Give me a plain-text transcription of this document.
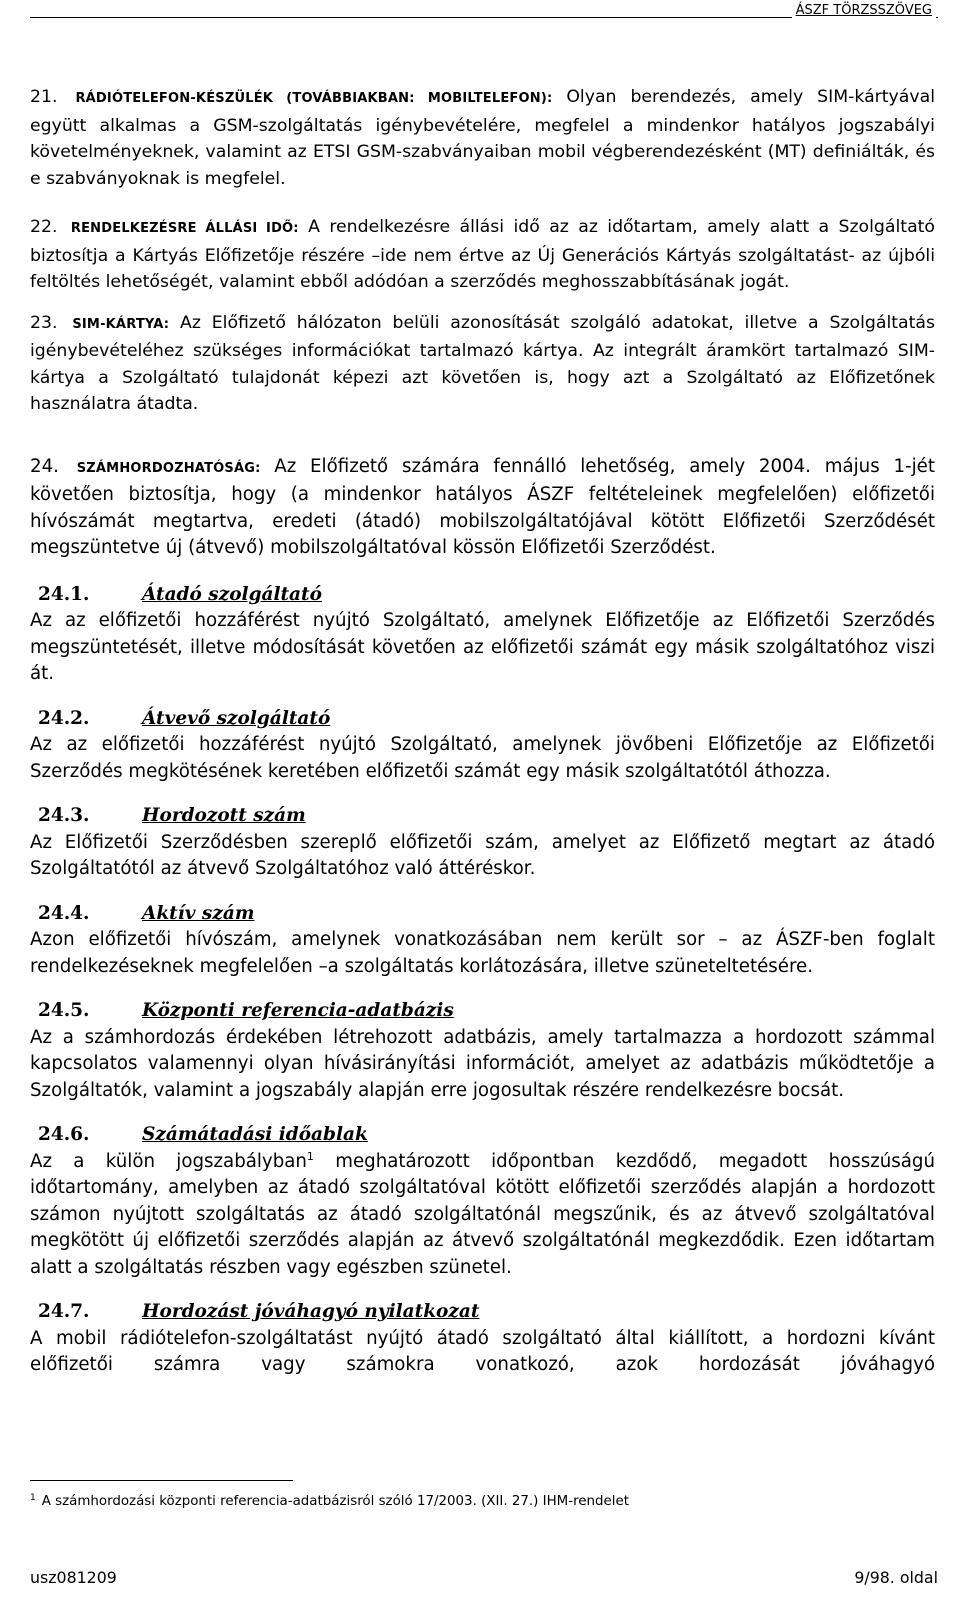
ÁSZF TÖRZSSZÖVEG

21. RÁDIÓTELEFON-KÉSZÜLÉK (TOVÁBBIAKBAN: MOBILTELEFON): Olyan berendezés, amely SIM-kártyával együtt alkalmas a GSM-szolgáltatás igénybevételére, megfelel a mindenkor hatályos jogszabályi követelményeknek, valamint az ETSI GSM-szabványaiban mobil végberendezésként (MT) definiálták, és e szabványoknak is megfelel.

22. RENDELKEZÉSRE ÁLLÁSI IDŐ: A rendelkezésre állási idő az az időtartam, amely alatt a Szolgáltató biztosítja a Kártyás Előfizetője részére –ide nem értve az Új Generációs Kártyás szolgáltatást- az újbóli feltöltés lehetőségét, valamint ebből adódóan a szerződés meghosszabbításának jogát.

23. SIM-KÁRTYA: Az Előfizető hálózaton belüli azonosítását szolgáló adatokat, illetve a Szolgáltatás igénybevételéhez szükséges információkat tartalmazó kártya. Az integrált áramkört tartalmazó SIM-kártya a Szolgáltató tulajdonát képezi azt követően is, hogy azt a Szolgáltató az Előfizetőnek használatra átadta.

24. SZÁMHORDOZHATÓSÁG: Az Előfizető számára fennálló lehetőség, amely 2004. május 1-jét követően biztosítja, hogy (a mindenkor hatályos ÁSZF feltételeinek megfelelően) előfizetői hívószámát megtartva, eredeti (átadó) mobilszolgáltatójával kötött Előfizetői Szerződését megszüntetve új (átvevő) mobilszolgáltatóval kössön Előfizetői Szerződést.

24.1.	Átadó szolgáltató

Az az előfizetői hozzáférést nyújtó Szolgáltató, amelynek Előfizetője az Előfizetői Szerződés megszüntetését, illetve módosítását követően az előfizetői számát egy másik szolgáltatóhoz viszi át.

24.2.	Átvevő szolgáltató

Az az előfizetői hozzáférést nyújtó Szolgáltató, amelynek jövőbeni Előfizetője az Előfizetői Szerződés megkötésének keretében előfizetői számát egy másik szolgáltatótól áthozza.

24.3.	Hordozott szám

Az Előfizetői Szerződésben szereplő előfizetői szám, amelyet az Előfizető megtart az átadó Szolgáltatótól az átvevő Szolgáltatóhoz való áttéréskor.

24.4.	Aktív szám

Azon előfizetői hívószám, amelynek vonatkozásában nem került sor – az ÁSZF-ben foglalt rendelkezéseknek megfelelően –a szolgáltatás korlátozására, illetve szüneteltetésére.

24.5.	Központi referencia-adatbázis

Az a számhordozás érdekében létrehozott adatbázis, amely tartalmazza a hordozott számmal kapcsolatos valamennyi olyan hívásirányítási információt, amelyet az adatbázis működtetője a Szolgáltatók, valamint a jogszabály alapján erre jogosultak részére rendelkezésre bocsát.

24.6.	Számátadási időablak

Az a külön jogszabályban$^1$ meghatározott időpontban kezdődő, megadott hosszúságú időtartomány, amelyben az átadó szolgáltatóval kötött előfizetői szerződés alapján a hordozott számon nyújtott szolgáltatás az átadó szolgáltatónál megszűnik, és az átvevő szolgáltatóval megkötött új előfizetői szerződés alapján az átvevő szolgáltatónál megkezdődik. Ezen időtartam alatt a szolgáltatás részben vagy egészben szünetel.

24.7.	Hordozást jóváhagyó nyilatkozat

A mobil rádiótelefon-szolgáltatást nyújtó átadó szolgáltató által kiállított, a hordozni kívánt előfizetői számra vagy számokra vonatkozó, azok hordozását jóváhagyó

$^1$ A számhordozási központi referencia-adatbázisról szóló 17/2003. (XII. 27.) IHM-rendelet
usz081209	9/98. oldal
